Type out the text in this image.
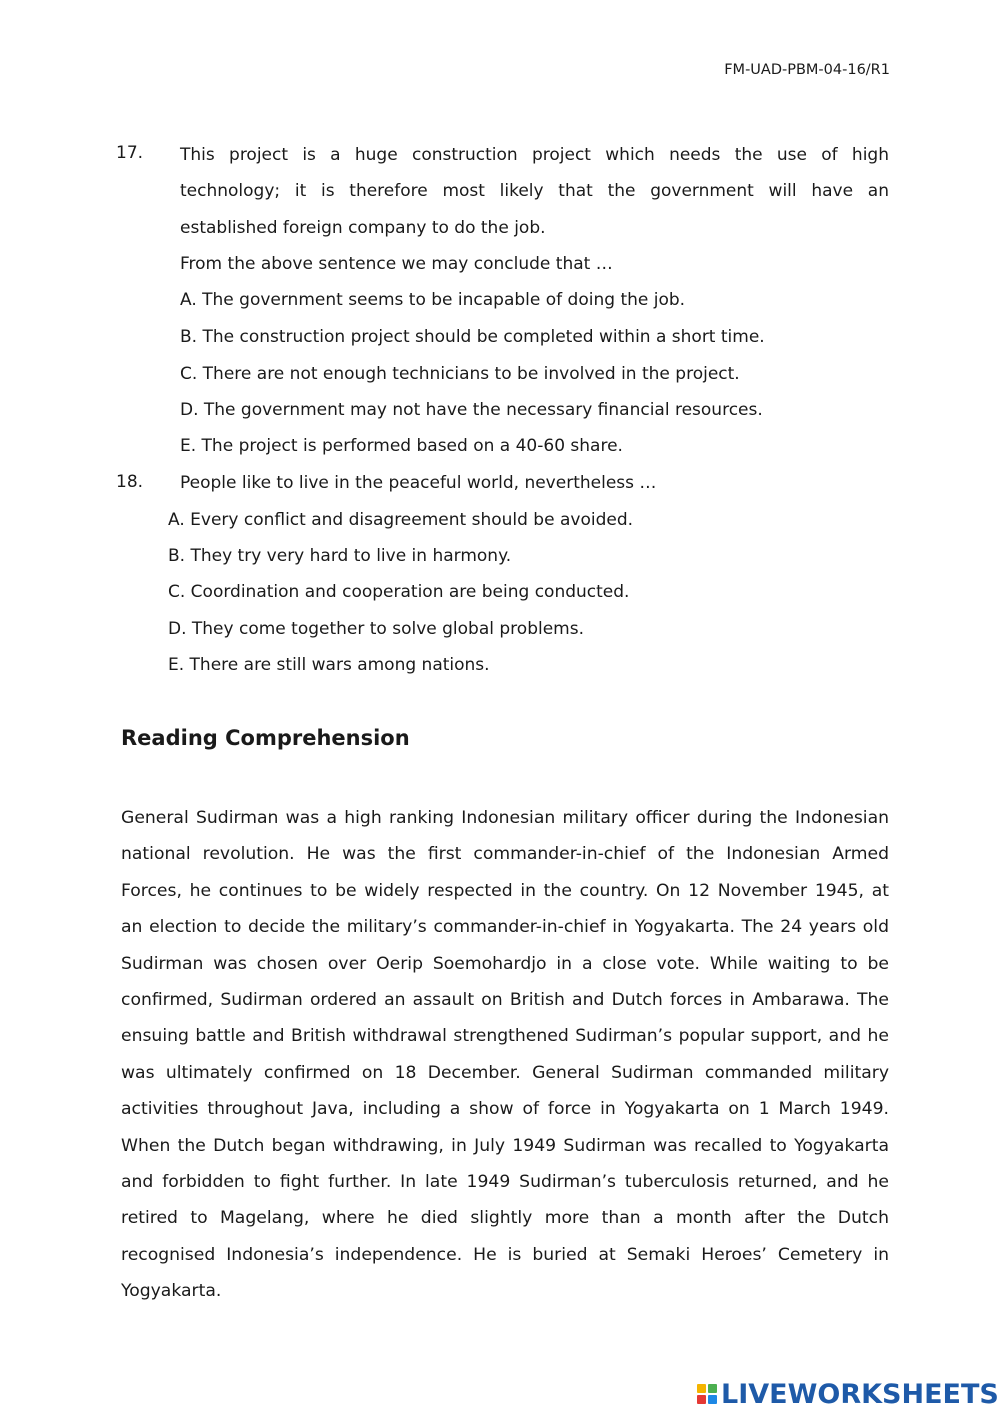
FM-UAD-PBM-04-16/R1
17. This project is a huge construction project which needs the use of high
technology; it is therefore most likely that the government will have an
established foreign company to do the job.
From the above sentence we may conclude that …
A. The government seems to be incapable of doing the job.
B. The construction project should be completed within a short time.
C. There are not enough technicians to be involved in the project.
D. The government may not have the necessary financial resources.
E. The project is performed based on a 40-60 share.
18. People like to live in the peaceful world, nevertheless …
A. Every conflict and disagreement should be avoided.
B. They try very hard to live in harmony.
C. Coordination and cooperation are being conducted.
D. They come together to solve global problems.
E. There are still wars among nations.
Reading Comprehension
General Sudirman was a high ranking Indonesian military officer during the Indonesian
national revolution. He was the first commander-in-chief of the Indonesian Armed
Forces, he continues to be widely respected in the country. On 12 November 1945, at
an election to decide the military’s commander-in-chief in Yogyakarta. The 24 years old
Sudirman was chosen over Oerip Soemohardjo in a close vote. While waiting to be
confirmed, Sudirman ordered an assault on British and Dutch forces in Ambarawa. The
ensuing battle and British withdrawal strengthened Sudirman’s popular support, and he
was ultimately confirmed on 18 December. General Sudirman commanded military
activities throughout Java, including a show of force in Yogyakarta on 1 March 1949.
When the Dutch began withdrawing, in July 1949 Sudirman was recalled to Yogyakarta
and forbidden to fight further. In late 1949 Sudirman’s tuberculosis returned, and he
retired to Magelang, where he died slightly more than a month after the Dutch
recognised Indonesia’s independence. He is buried at Semaki Heroes’ Cemetery in
Yogyakarta.
LIVEWORKSHEETS
